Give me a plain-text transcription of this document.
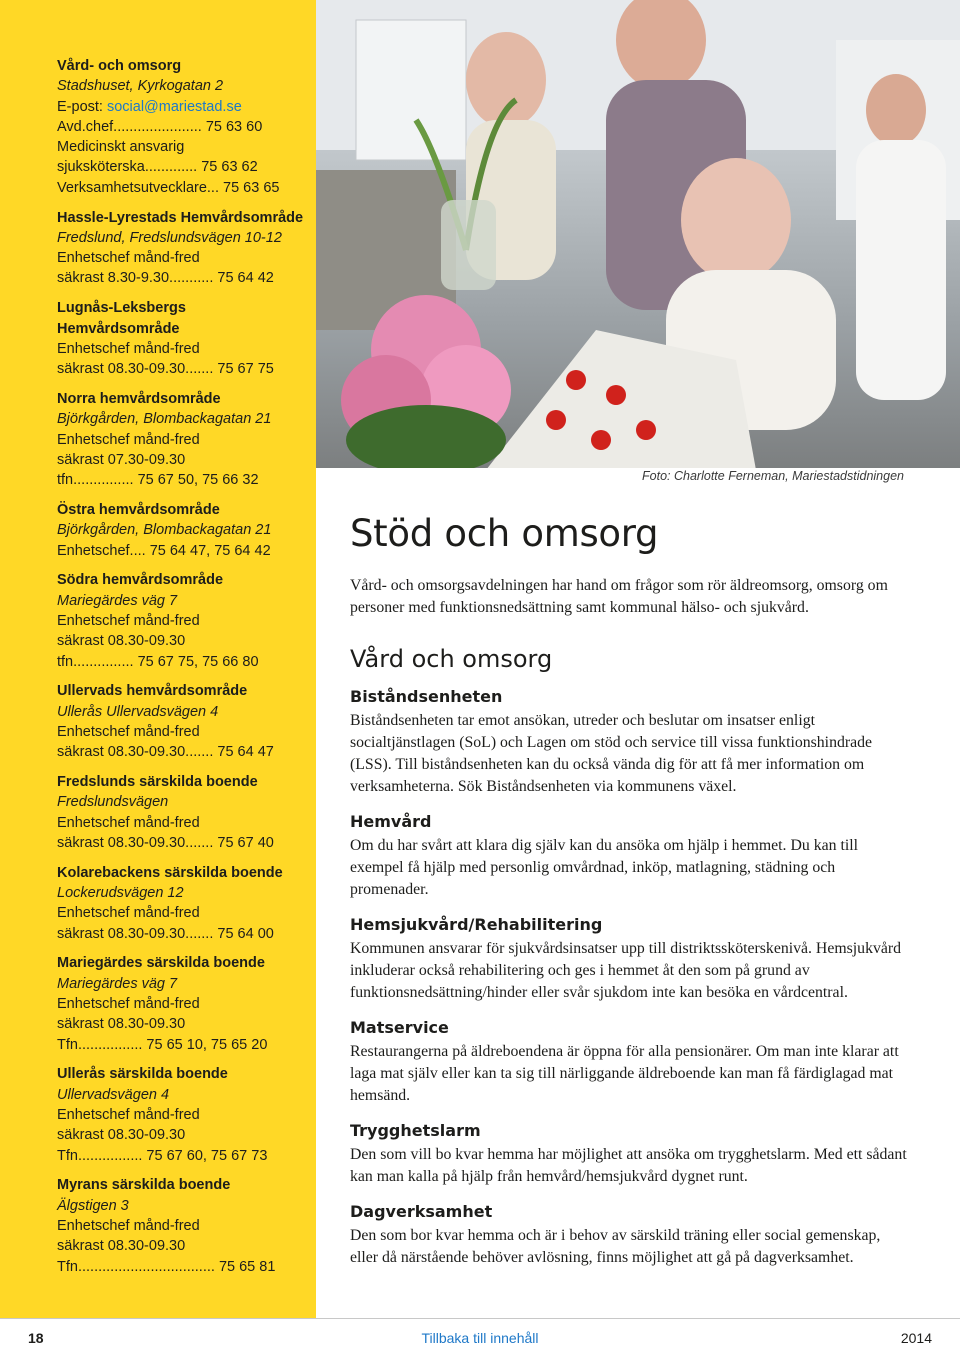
Vård- och omsorg
Stadshuset, Kyrkogatan 2
E-post: social@mariestad.se
Avd.chef...................... 75 63 60
Medicinskt ansvarig
sjuksköterska............. 75 63 62
Verksamhetsutvecklare... 75 63 65
Hassle-Lyrestads Hemvårdsområde
Fredslund, Fredslundsvägen 10-12
Enhetschef månd-fred
säkrast 8.30-9.30........... 75 64 42
Lugnås-Leksbergs Hemvårdsområde
Enhetschef månd-fred
säkrast 08.30-09.30....... 75 67 75
Norra hemvårdsområde
Björkgården, Blombackagatan 21
Enhetschef månd-fred
säkrast 07.30-09.30
tfn............... 75 67 50, 75 66 32
Östra hemvårdsområde
Björkgården, Blombackagatan 21
Enhetschef.... 75 64 47, 75 64 42
Södra hemvårdsområde
Mariegärdes väg 7
Enhetschef månd-fred
säkrast 08.30-09.30
tfn............... 75 67 75, 75 66 80
Ullervads hemvårdsområde
Ullerås Ullervadsvägen 4
Enhetschef månd-fred
säkrast 08.30-09.30....... 75 64 47
Fredslunds särskilda boende
Fredslundsvägen
Enhetschef månd-fred
säkrast 08.30-09.30....... 75 67 40
Kolarebackens särskilda boende
Lockerudsvägen 12
Enhetschef månd-fred
säkrast 08.30-09.30....... 75 64 00
Mariegärdes särskilda boende
Mariegärdes väg 7
Enhetschef månd-fred
säkrast 08.30-09.30
Tfn................ 75 65 10, 75 65 20
Ullerås särskilda boende
Ullervadsvägen 4
Enhetschef månd-fred
säkrast 08.30-09.30
Tfn................ 75 67 60, 75 67 73
Myrans särskilda boende
Älgstigen 3
Enhetschef månd-fred
säkrast 08.30-09.30
Tfn.................................. 75 65 81
Foto: Charlotte Ferneman, Mariestadstidningen
Stöd och omsorg

Vård- och omsorgsavdelningen har hand om frågor som rör äldreomsorg, omsorg om personer med funktionsnedsättning samt kommunal hälso- och sjukvård.

Vård och omsorg
Biståndsenheten

Biståndsenheten tar emot ansökan, utreder och beslutar om insatser enligt socialtjänstlagen (SoL) och Lagen om stöd och service till vissa funktionshindrade (LSS). Till biståndsenheten kan du också vända dig för att få mer information om verksamheterna. Sök Biståndsenheten via kommunens växel.

Hemvård

Om du har svårt att klara dig själv kan du ansöka om hjälp i hemmet. Du kan till exempel få hjälp med personlig omvårdnad, inköp, matlagning, städning och promenader.

Hemsjukvård/Rehabilitering

Kommunen ansvarar för sjukvårdsinsatser upp till distriktssköterskenivå. Hemsjukvård inkluderar också rehabilitering och ges i hemmet åt den som på grund av funktionsnedsättning/hinder eller svår sjukdom inte kan besöka en vårdcentral.

Matservice

Restaurangerna på äldreboendena är öppna för alla pensionärer. Om man inte klarar att laga mat själv eller kan ta sig till närliggande äldreboende kan man få färdiglagad mat hemsänd.

Trygghetslarm

Den som vill bo kvar hemma har möjlighet att ansöka om trygghetslarm. Med ett sådant kan man kalla på hjälp från hemvård/hemsjukvård dygnet runt.

Dagverksamhet

Den som bor kvar hemma och är i behov av särskild träning eller social gemenskap, eller då närstående behöver avlösning, finns möjlighet att gå på dagverksamhet.

18	Tillbaka till innehåll	2014
